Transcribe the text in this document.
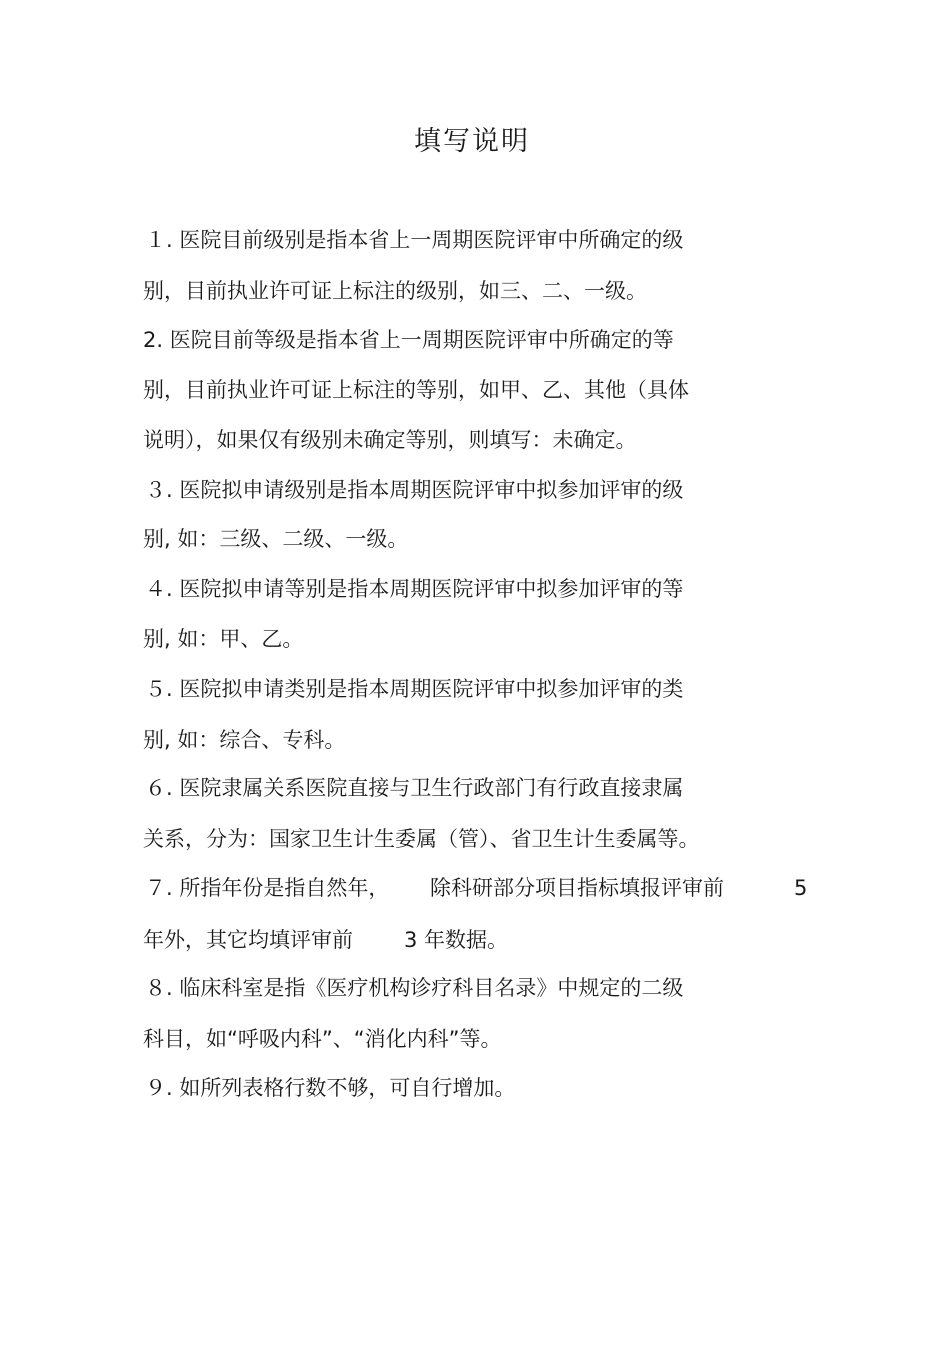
填写说明
１. 医院目前级别是指本省上一周期医院评审中所确定的级
别，目前执业许可证上标注的级别，如三、二、一级。
2. 医院目前等级是指本省上一周期医院评审中所确定的等
别，目前执业许可证上标注的等别，如甲、乙、其他（具体
说明），如果仅有级别未确定等别，则填写：未确定。
３. 医院拟申请级别是指本周期医院评审中拟参加评审的级
别, 如：三级、二级、一级。
４. 医院拟申请等别是指本周期医院评审中拟参加评审的等
别, 如：甲、乙。
５. 医院拟申请类别是指本周期医院评审中拟参加评审的类
别, 如：综合、专科。
６. 医院隶属关系医院直接与卫生行政部门有行政直接隶属
关系，分为：国家卫生计生委属（管）、省卫生计生委属等。
７. 所指年份是指自然年， 除科研部分项目指标填报评审前	5
年外，其它均填评审前 3 年数据。
８. 临床科室是指《医疗机构诊疗科目名录》中规定的二级
科目，如“呼吸内科”、“消化内科”等。
９. 如所列表格行数不够，可自行增加。
